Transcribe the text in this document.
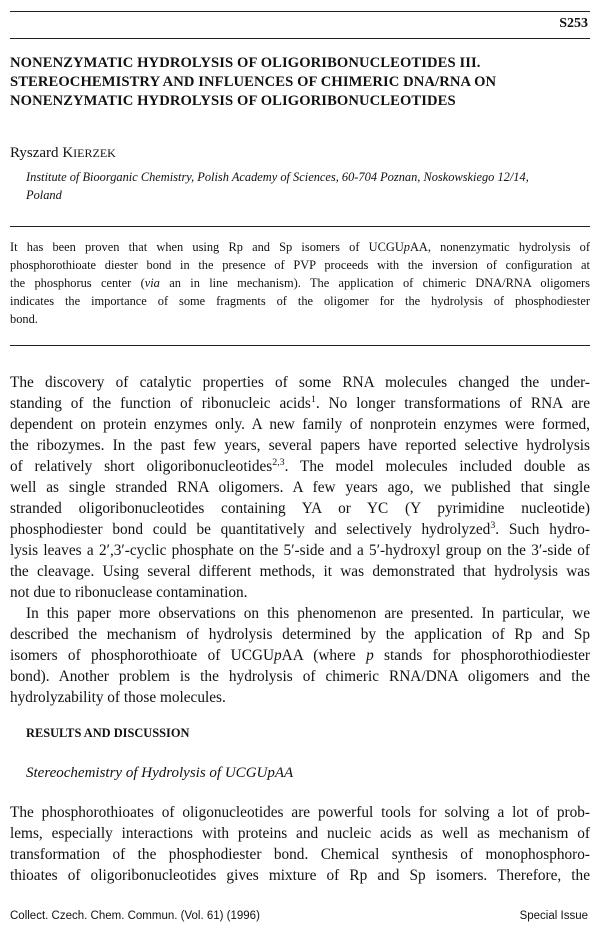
S253
NONENZYMATIC HYDROLYSIS OF OLIGORIBONUCLEOTIDES III.
STEREOCHEMISTRY AND INFLUENCES OF CHIMERIC DNA/RNA ON
NONENZYMATIC HYDROLYSIS OF OLIGORIBONUCLEOTIDES
Ryszard KIERZEK
Institute of Bioorganic Chemistry, Polish Academy of Sciences, 60-704 Poznan, Noskowskiego 12/14,
Poland
It has been proven that when using Rp and Sp isomers of UCGUpAA, nonenzymatic hydrolysis of
phosphorothioate diester bond in the presence of PVP proceeds with the inversion of configuration at
the phosphorus center (via an in line mechanism). The application of chimeric DNA/RNA oligomers
indicates the importance of some fragments of the oligomer for the hydrolysis of phosphodiester
bond.
The discovery of catalytic properties of some RNA molecules changed the under-
standing of the function of ribonucleic acids$^1$. No longer transformations of RNA are
dependent on protein enzymes only. A new family of nonprotein enzymes were formed,
the ribozymes. In the past few years, several papers have reported selective hydrolysis
of relatively short oligoribonucleotides$^{2,3}$. The model molecules included double as
well as single stranded RNA oligomers. A few years ago, we published that single
stranded oligoribonucleotides containing YA or YC (Y pyrimidine nucleotide)
phosphodiester bond could be quantitatively and selectively hydrolyzed$^3$. Such hydro-
lysis leaves a 2′,3′-cyclic phosphate on the 5′-side and a 5′-hydroxyl group on the 3′-side of
the cleavage. Using several different methods, it was demonstrated that hydrolysis was
not due to ribonuclease contamination.
In this paper more observations on this phenomenon are presented. In particular, we
described the mechanism of hydrolysis determined by the application of Rp and Sp
isomers of phosphorothioate of UCGUpAA (where p stands for phosphorothiodiester
bond). Another problem is the hydrolysis of chimeric RNA/DNA oligomers and the
hydrolyzability of those molecules.
RESULTS AND DISCUSSION
Stereochemistry of Hydrolysis of UCGUpAA
The phosphorothioates of oligonucleotides are powerful tools for solving a lot of prob-
lems, especially interactions with proteins and nucleic acids as well as mechanism of
transformation of the phosphodiester bond. Chemical synthesis of monophosphoro-
thioates of oligoribonucleotides gives mixture of Rp and Sp isomers. Therefore, the
Collect. Czech. Chem. Commun. (Vol. 61) (1996)	Special Issue
